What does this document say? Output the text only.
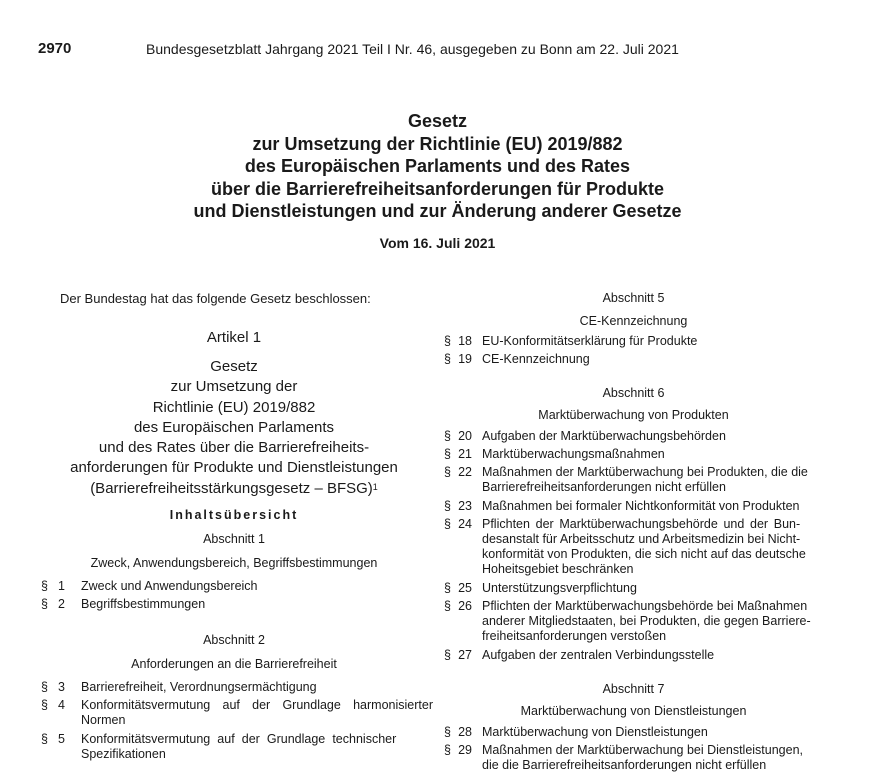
2970	Bundesgesetzblatt Jahrgang 2021 Teil I Nr. 46, ausgegeben zu Bonn am 22. Juli 2021
Gesetz
zur Umsetzung der Richtlinie (EU) 2019/882
des Europäischen Parlaments und des Rates
über die Barrierefreiheitsanforderungen für Produkte
und Dienstleistungen und zur Änderung anderer Gesetze
Vom 16. Juli 2021
Der Bundestag hat das folgende Gesetz beschlossen:
Artikel 1
Gesetz
zur Umsetzung der
Richtlinie (EU) 2019/882
des Europäischen Parlaments
und des Rates über die Barrierefreiheits-
anforderungen für Produkte und Dienstleistungen
(Barrierefreiheitsstärkungsgesetz – BFSG)$^1$
Inhaltsübersicht
Abschnitt 1
Zweck, Anwendungsbereich, Begriffsbestimmungen
§ 1 Zweck und Anwendungsbereich
§ 2 Begriffsbestimmungen
Abschnitt 2
Anforderungen an die Barrierefreiheit
§ 3 Barrierefreiheit, Verordnungsermächtigung
§ 4 Konformitätsvermutung auf der Grundlage harmonisierter
Normen
§ 5 Konformitätsvermutung auf der Grundlage technischer
Spezifikationen
Abschnitt 5
CE-Kennzeichnung
§ 18 EU-Konformitätserklärung für Produkte
§ 19 CE-Kennzeichnung
Abschnitt 6
Marktüberwachung von Produkten
§ 20 Aufgaben der Marktüberwachungsbehörden
§ 21 Marktüberwachungsmaßnahmen
§ 22 Maßnahmen der Marktüberwachung bei Produkten, die die
Barrierefreiheitsanforderungen nicht erfüllen
§ 23 Maßnahmen bei formaler Nichtkonformität von Produkten
§ 24 Pflichten der Marktüberwachungsbehörde und der Bun-
desanstalt für Arbeitsschutz und Arbeitsmedizin bei Nicht-
konformität von Produkten, die sich nicht auf das deutsche
Hoheitsgebiet beschränken
§ 25 Unterstützungsverpflichtung
§ 26 Pflichten der Marktüberwachungsbehörde bei Maßnahmen
anderer Mitgliedstaaten, bei Produkten, die gegen Barriere-
freiheitsanforderungen verstoßen
§ 27 Aufgaben der zentralen Verbindungsstelle
Abschnitt 7
Marktüberwachung von Dienstleistungen
§ 28 Marktüberwachung von Dienstleistungen
§ 29 Maßnahmen der Marktüberwachung bei Dienstleistungen,
die die Barrierefreiheitsanforderungen nicht erfüllen
